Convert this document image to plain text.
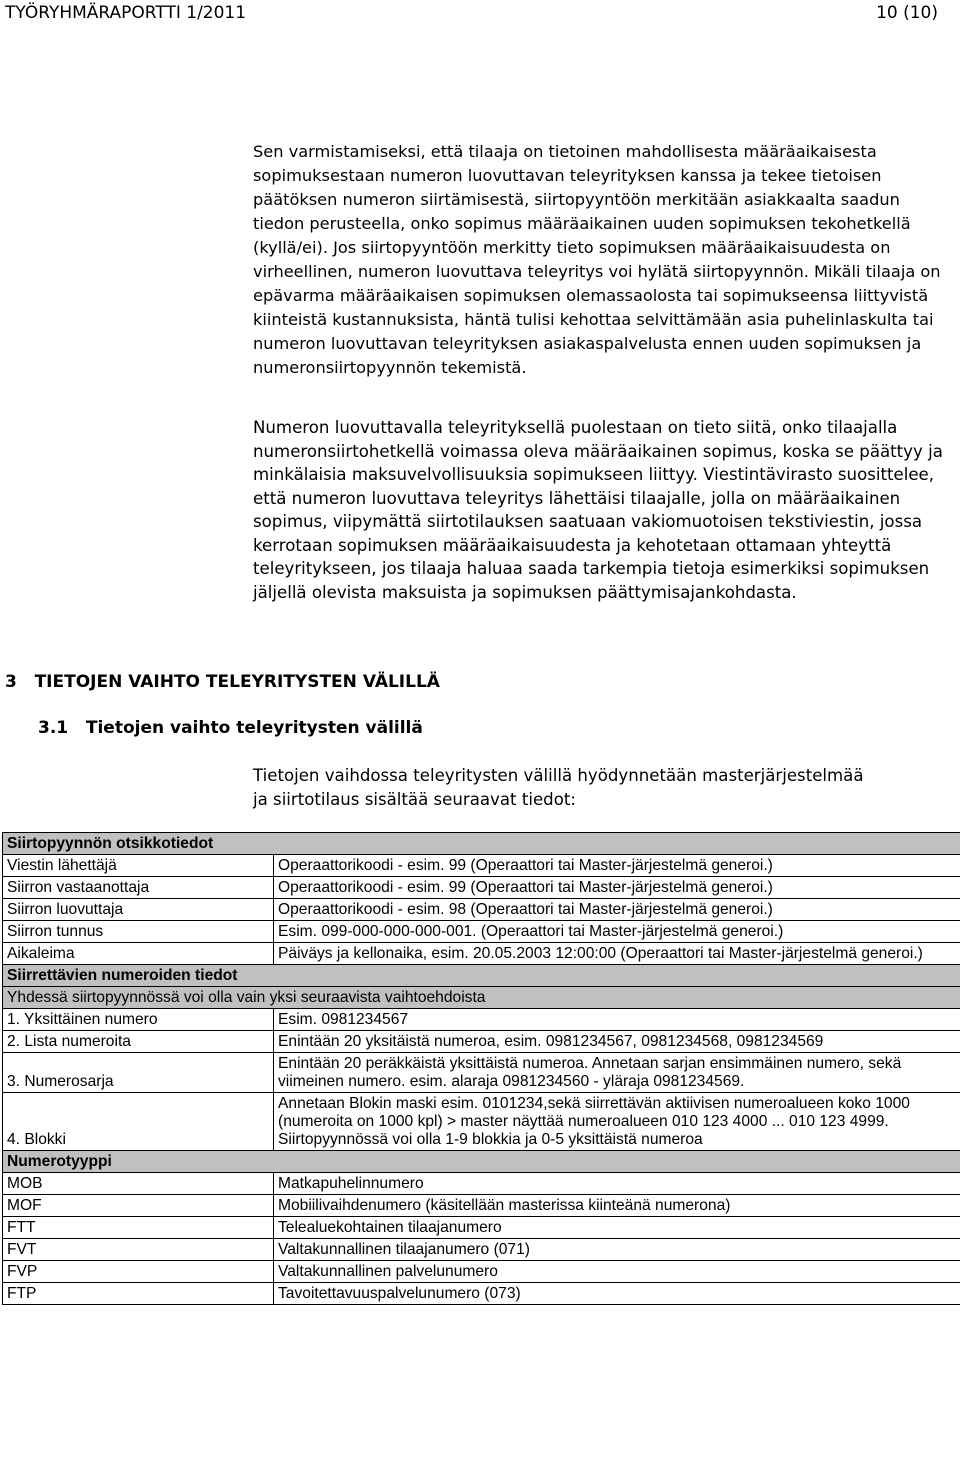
TYÖRYHMÄRAPORTTI 1/2011	10 (10)

Sen varmistamiseksi, että tilaaja on tietoinen mahdollisesta määräaikaisesta sopimuksestaan numeron luovuttavan teleyrityksen kanssa ja tekee tietoisen päätöksen numeron siirtämisestä, siirtopyyntöön merkitään asiakkaalta saadun tiedon perusteella, onko sopimus määräaikainen uuden sopimuksen tekohetkellä (kyllä/ei). Jos siirtopyyntöön merkitty tieto sopimuksen määräaikaisuudesta on virheellinen, numeron luovuttava teleyritys voi hylätä siirtopyynnön. Mikäli tilaaja on epävarma määräaikaisen sopimuksen olemassaolosta tai sopimukseensa liittyvistä kiinteistä kustannuksista, häntä tulisi kehottaa selvittämään asia puhelinlaskulta tai numeron luovuttavan teleyrityksen asiakaspalvelusta ennen uuden sopimuksen ja numeronsiirtopyynnön tekemistä.

Numeron luovuttavalla teleyrityksellä puolestaan on tieto siitä, onko tilaajalla numeronsiirtohetkellä voimassa oleva määräaikainen sopimus, koska se päättyy ja minkälaisia maksuvelvollisuuksia sopimukseen liittyy. Viestintävirasto suosittelee, että numeron luovuttava teleyritys lähettäisi tilaajalle, jolla on määräaikainen sopimus, viipymättä siirtotilauksen saatuaan vakiomuotoisen tekstiviestin, jossa kerrotaan sopimuksen määräaikaisuudesta ja kehotetaan ottamaan yhteyttä teleyritykseen, jos tilaaja haluaa saada tarkempia tietoja esimerkiksi sopimuksen jäljellä olevista maksuista ja sopimuksen päättymisajankohdasta.

3   TIETOJEN VAIHTO TELEYRITYSTEN VÄLILLÄ
3.1   Tietojen vaihto teleyritysten välillä

Tietojen vaihdossa teleyritysten välillä hyödynnetään masterjärjestelmää ja siirtotilaus sisältää seuraavat tiedot:

Siirtopyynnön otsikkotiedot	
Viestin lähettäjä	Operaattorikoodi - esim. 99 (Operaattori tai Master-järjestelmä generoi.)
Siirron vastaanottaja	Operaattorikoodi - esim. 99 (Operaattori tai Master-järjestelmä generoi.)
Siirron luovuttaja	Operaattorikoodi - esim. 98 (Operaattori tai Master-järjestelmä generoi.)
Siirron tunnus	Esim. 099-000-000-000-001. (Operaattori tai Master-järjestelmä generoi.)
Aikaleima	Päiväys ja kellonaika, esim. 20.05.2003 12:00:00 (Operaattori tai Master-järjestelmä generoi.)
Siirrettävien numeroiden tiedot	
Yhdessä siirtopyynnössä voi olla vain yksi seuraavista vaihtoehdoista	
1. Yksittäinen numero	Esim. 0981234567
2. Lista numeroita	Enintään 20 yksitäistä numeroa, esim. 0981234567, 0981234568, 0981234569
3. Numerosarja	Enintään 20 peräkkäistä yksittäistä numeroa. Annetaan sarjan ensimmäinen numero, sekä viimeinen numero. esim. alaraja 0981234560 - yläraja 0981234569.
4. Blokki	Annetaan Blokin maski esim. 0101234,sekä siirrettävän aktiivisen numeroalueen koko 1000 (numeroita on 1000 kpl) > master näyttää numeroalueen 010 123 4000 ... 010 123 4999. Siirtopyynnössä voi olla 1-9 blokkia ja 0-5 yksittäistä numeroa
Numerotyyppi	
MOB	Matkapuhelinnumero
MOF	Mobiilivaihdenumero (käsitellään masterissa kiinteänä numerona)
FTT	Telealuekohtainen tilaajanumero
FVT	Valtakunnallinen tilaajanumero (071)
FVP	Valtakunnallinen palvelunumero
FTP	Tavoitettavuuspalvelunumero (073)
